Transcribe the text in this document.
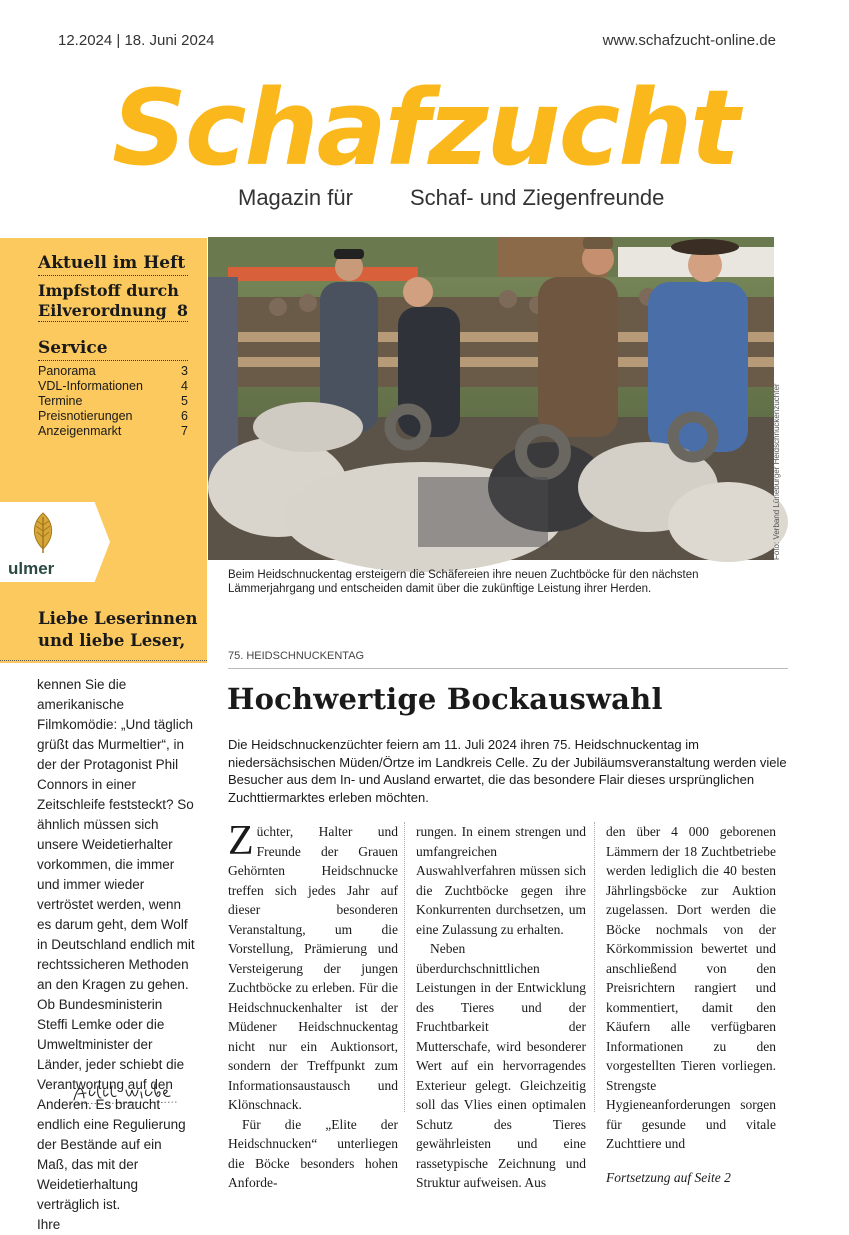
12.2024 | 18. Juni 2024	www.schafzucht-online.de
Schafzucht
Magazin für	Schaf- und Ziegenfreunde
Aktuell im Heft
Impfstoff durch
Eilverordnung 8
Service
Panorama	3
VDL-Informationen	4
Termine	5
Preisnotierungen	6
Anzeigenmarkt	7
ulmer
Liebe Leserinnen
und liebe Leser,

kennen Sie die amerikanische Filmkomödie: „Und täglich grüßt das Murmeltier“, in der der Protagonist Phil Connors in einer Zeitschleife feststeckt? So ähnlich müssen sich unsere Weidetierhalter vorkommen, die immer und immer wieder vertröstet werden, wenn es darum geht, dem Wolf in Deutschland endlich mit rechtssicheren Methoden an den Kragen zu gehen. Ob Bundesministerin Steffi Lemke oder die Umweltminister der Länder, jeder schiebt die Verantwortung auf den Anderen. Es braucht endlich eine Regulierung der Bestände auf ein Maß, das mit der Weidetierhaltung verträglich ist.

Ihre

Foto: Verband Lüneburger Heidschnuckenzüchter
Beim Heidschnuckentag ersteigern die Schäfereien ihre neuen Zuchtböcke für den nächsten Lämmerjahrgang und entscheiden damit über die zukünftige Leistung ihrer Herden.
75. HEIDSCHNUCKENTAG
Hochwertige Bockauswahl
Die Heidschnuckenzüchter feiern am 11. Juli 2024 ihren 75. Heidschnuckentag im niedersächsischen Müden/Örtze im Landkreis Celle. Zu der Jubiläumsveranstaltung werden viele Besucher aus dem In- und Ausland erwartet, die das besondere Flair dieses ursprünglichen Zuchttiermarktes erleben möchten.

Züchter, Halter und Freunde der Grauen Gehörnten Heidschnucke treffen sich jedes Jahr auf dieser besonderen Veranstaltung, um die Vorstellung, Prämierung und Versteigerung der jungen Zuchtböcke zu erleben. Für die Heidschnuckenhalter ist der Müdener Heidschnuckentag nicht nur ein Auktionsort, sondern der Treffpunkt zum Informationsaustausch und Klönschnack.

Für die „Elite der Heidschnucken“ unterliegen die Böcke besonders hohen Anforde-

rungen. In einem strengen und umfangreichen Auswahlverfahren müssen sich die Zuchtböcke gegen ihre Konkurrenten durchsetzen, um eine Zulassung zu erhalten.

Neben überdurchschnittlichen Leistungen in der Entwicklung des Tieres und der Fruchtbarkeit der Mutterschafe, wird besonderer Wert auf ein hervorragendes Exterieur gelegt. Gleichzeitig soll das Vlies einen optimalen Schutz des Tieres gewährleisten und eine rassetypische Zeichnung und Struktur aufweisen. Aus

den über 4 000 geborenen Lämmern der 18 Zuchtbetriebe werden lediglich die 40 besten Jährlingsböcke zur Auktion zugelassen. Dort werden die Böcke nochmals von der Körkommission bewertet und anschließend von den Preisrichtern rangiert und kommentiert, damit den Käufern alle verfügbaren Informationen zu den vorgestellten Tieren vorliegen. Strengste Hygieneanforderungen sorgen für gesunde und vitale Zuchttiere und

Fortsetzung auf Seite 2
